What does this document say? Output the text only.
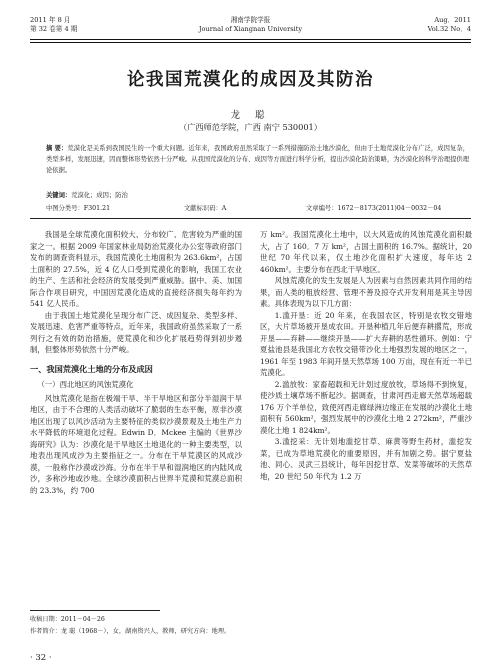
2011 年 8 月
第 32 卷第 4 期
湘南学院学报
Journal of Xiangnan University
Aug．2011
Vol.32 No．4
论我国荒漠化的成因及其防治
龙 聪
（广西师范学院，广西 南宁 530001）
摘 要：荒漠化是关系到我国民生的一个重大问题。近年来，我国政府虽然采取了一系列措施防治土地沙漠化，但由于土地荒漠化分布广泛，成因复杂，类型多样，发展迅速，因而整体形势依然十分严峻。从我国荒漠化的分布、成因等方面进行科学分析，提出沙漠化防治策略，为沙漠化的科学治理提供理论依据。
关键词：荒漠化；成因；防治
中图分类号：F301.21	文献标识码：A	文章编号：1672－8173(2011)04－0032－04

我国是全球荒漠化面积较大、分布较广、危害较为严重的国家之一。根据 2009 年国家林业局防治荒漠化办公室等政府部门发布的调查资料显示，我国荒漠化土地面积为 263.6km²，占国土面积的 27.5%，近 4 亿人口受到荒漠化的影响，我国工农业的生产、生活和社会经济的发展受到严重威胁。据中、美、加国际合作项目研究，中国因荒漠化造成的直接经济损失每年约为 541 亿人民币。

由于我国土地荒漠化呈现分布广泛、成因复杂、类型多样、发展迅速、危害严重等特点，近年来，我国政府虽然采取了一系列行之有效的防治措施，使荒漠化和沙化扩展趋势得到初步遏制，但整体形势依然十分严峻。

一、我国荒漠化土地的分布及成因

（一）西北地区的风蚀荒漠化

风蚀荒漠化是指在极端干旱、半干旱地区和部分半湿润干旱地区，由于不合理的人类活动破坏了脆弱的生态平衡，原非沙漠地区出现了以风沙活动为主要特征的类似沙漠景观及土地生产力水平降低的环境退化过程。Edwin D．Mckee 主编的《世界沙海研究》认为：沙漠化是干旱地区土地退化的一种主要类型，以地表出现风成沙为主要指征之一。分布在干旱荒漠区的风成沙漠，一般称作沙漠或沙海。分布在半干旱和湿润地区的内陆风成沙，多称沙地或沙地。全球沙漠面积占世界半荒漠和荒漠总面积的 23.3%，约 700

万 km²。我国荒漠化土地中，以大风造成的风蚀荒漠化面积最大，占了 160．7 万 km²，占国土面积的 16.7%。据统计，20 世纪 70 年代以来，仅土地沙化面积扩大速度，每年达 2 460km²。主要分布在西北干旱地区。

风蚀荒漠化的发生发展是人为因素与自然因素共同作用的结果，而人类的粗放经营、管理不善及掠夺式开发利用是其主导因素。具体表现为以下几方面：

1.滥开垦：近 20 年来，在我国农区，特别是农牧交错地区，大片草场被开垦成农田。开垦种植几年后便弃耕撂荒，形成开垦——弃耕——继续开垦——扩大弃耕的恶性循环。例如：宁夏盐池县是我国北方农牧交错带沙化土地强烈发展的地区之一，1961 年至 1983 年间开垦天然草场 100 万亩，现在有近一半已荒漠化。

2.滥放牧：家畜超载和无计划过度放牧，草场得不到恢复，使沙质土壤草场不断起沙。据调查，甘肃河西走廊天然草场超载 176 万个羊单位，致使河西走廊绿洲边缘正在发展的沙漠化土地面积有 560km²，强烈发展中的沙漠化土地 2 272km²，严重沙漠化土地 1 824km²。

3.滥挖采：无计划地滥挖甘草、麻黄等野生药材，滥挖发菜，已成为草地荒漠化的重要原因，并有加剧之势。据宁夏盐池、同心、灵武三县统计，每年因挖甘草、发菜等破坏的天然草地，20 世纪 50 年代为 1.2 万

收稿日期：2011－04－26
作者简介：龙 聪（1968－），女，湖南资兴人，教师，研究方向：地理。
· 32 ·
